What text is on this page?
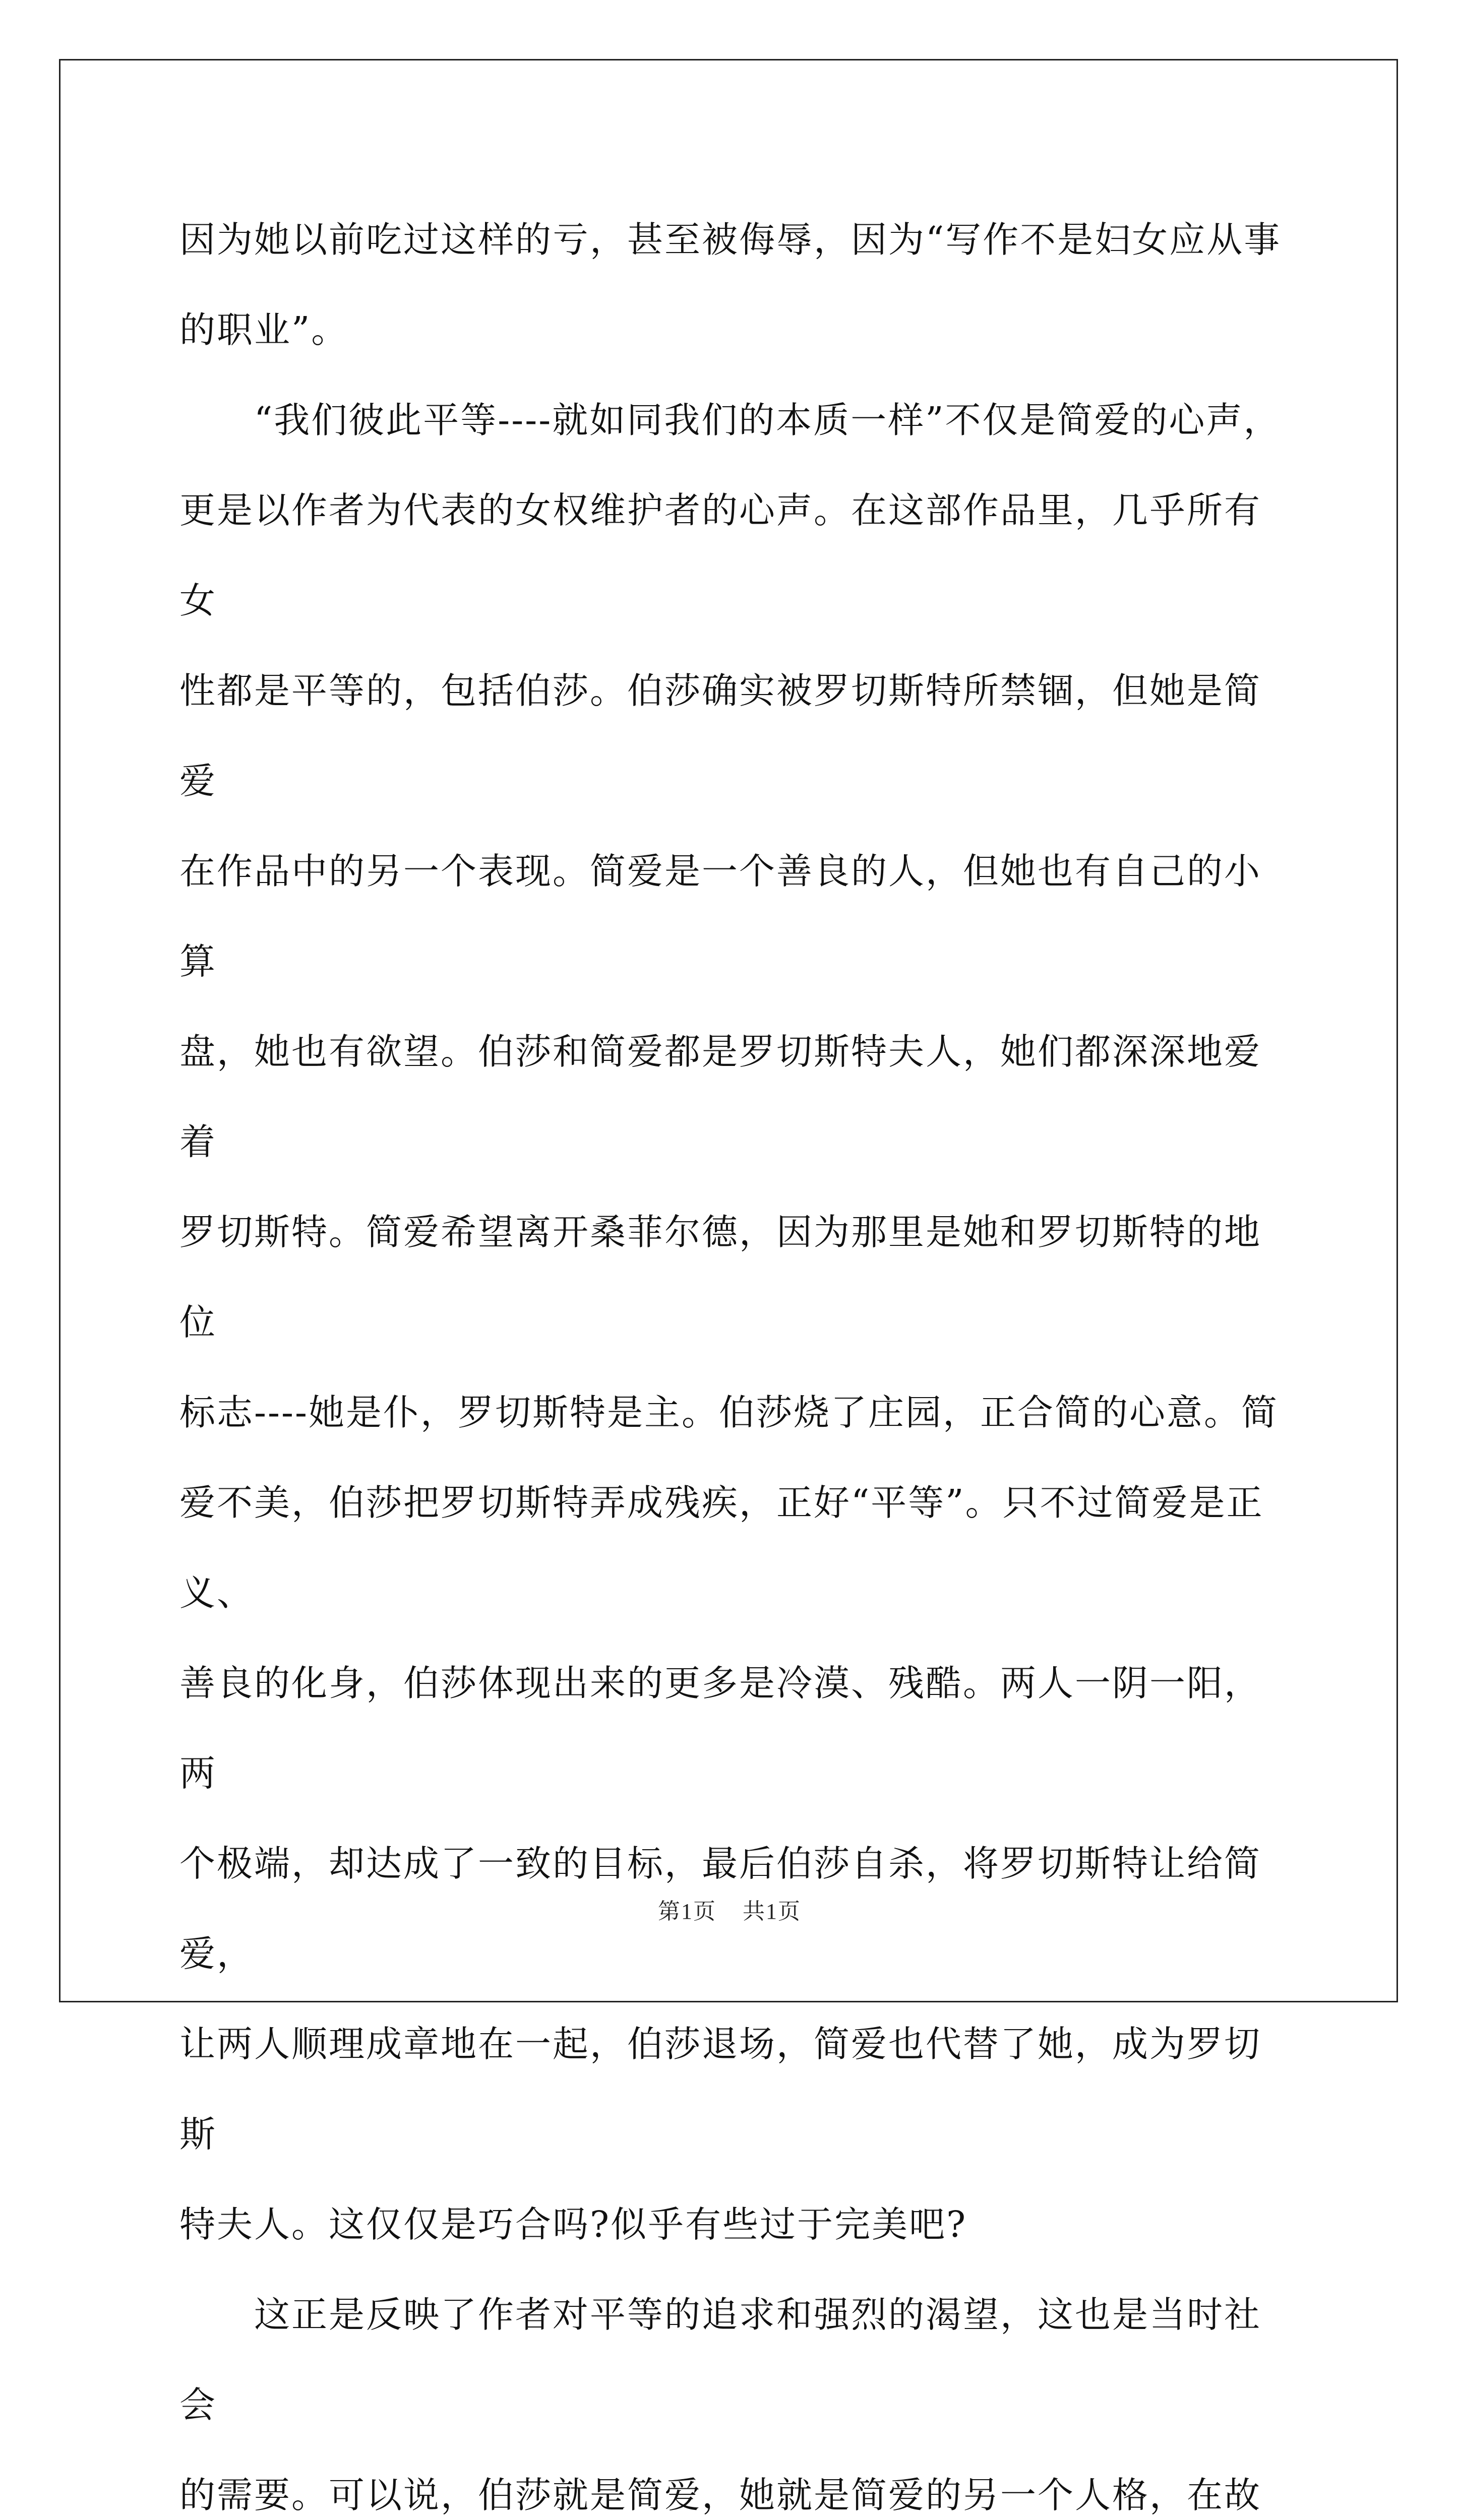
因为她以前吃过这样的亏，甚至被侮辱，因为“写作不是妇女应从事
的职业”。

“我们彼此平等----就如同我们的本质一样”不仅是简爱的心声，
更是以作者为代表的女权维护者的心声。在这部作品里，几乎所有女
性都是平等的，包括伯莎。伯莎确实被罗切斯特所禁锢，但她是简爱
在作品中的另一个表现。简爱是一个善良的人，但她也有自己的小算
盘，她也有欲望。伯莎和简爱都是罗切斯特夫人，她们都深深地爱着
罗切斯特。简爱希望离开桑菲尔德，因为那里是她和罗切斯特的地位
标志----她是仆，罗切斯特是主。伯莎烧了庄园，正合简的心意。简
爱不美，伯莎把罗切斯特弄成残疾，正好“平等”。只不过简爱是正义、
善良的化身，伯莎体现出来的更多是冷漠、残酷。两人一阴一阳，两
个极端，却达成了一致的目标，最后伯莎自杀，将罗切斯特让给简爱，
让两人顺理成章地在一起，伯莎退场，简爱也代替了她，成为罗切斯
特夫人。这仅仅是巧合吗?似乎有些过于完美吧?

这正是反映了作者对平等的追求和强烈的渴望，这也是当时社会
的需要。可以说，伯莎就是简爱，她就是简爱的另一个人格，在故

第1页 共1页
